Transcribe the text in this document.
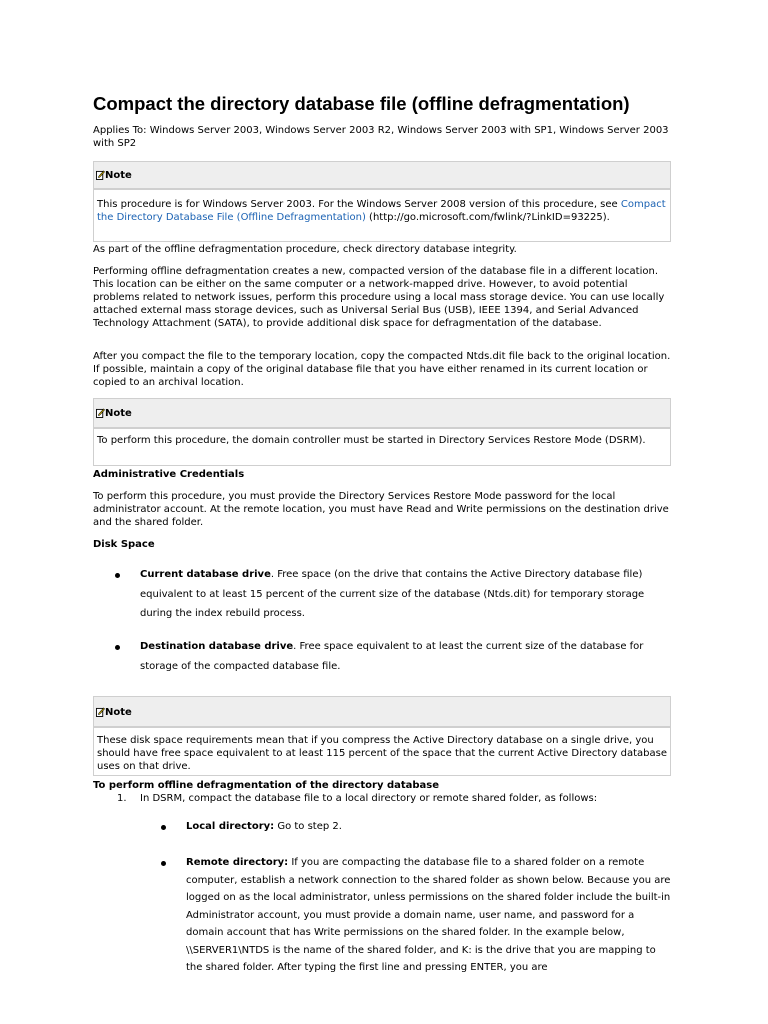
Compact the directory database file (offline defragmentation)

Applies To: Windows Server 2003, Windows Server 2003 R2, Windows Server 2003 with SP1, Windows Server 2003 with SP2

Note
This procedure is for Windows Server 2003. For the Windows Server 2008 version of this procedure, see Compact the Directory Database File (Offline Defragmentation) (http://go.microsoft.com/fwlink/?LinkID=93225).

As part of the offline defragmentation procedure, check directory database integrity.

Performing offline defragmentation creates a new, compacted version of the database file in a different location. This location can be either on the same computer or a network-mapped drive. However, to avoid potential problems related to network issues, perform this procedure using a local mass storage device. You can use locally attached external mass storage devices, such as Universal Serial Bus (USB), IEEE 1394, and Serial Advanced Technology Attachment (SATA), to provide additional disk space for defragmentation of the database.

After you compact the file to the temporary location, copy the compacted Ntds.dit file back to the original location. If possible, maintain a copy of the original database file that you have either renamed in its current location or copied to an archival location.

Note
To perform this procedure, the domain controller must be started in Directory Services Restore Mode (DSRM).

Administrative Credentials

To perform this procedure, you must provide the Directory Services Restore Mode password for the local administrator account. At the remote location, you must have Read and Write permissions on the destination drive and the shared folder.

Disk Space

Current database drive. Free space (on the drive that contains the Active Directory database file) equivalent to at least 15 percent of the current size of the database (Ntds.dit) for temporary storage during the index rebuild process.

Destination database drive. Free space equivalent to at least the current size of the database for storage of the compacted database file.

Note
These disk space requirements mean that if you compress the Active Directory database on a single drive, you should have free space equivalent to at least 115 percent of the space that the current Active Directory database uses on that drive.

To perform offline defragmentation of the directory database

1. In DSRM, compact the database file to a local directory or remote shared folder, as follows:

Local directory: Go to step 2.

Remote directory: If you are compacting the database file to a shared folder on a remote computer, establish a network connection to the shared folder as shown below. Because you are logged on as the local administrator, unless permissions on the shared folder include the built-in Administrator account, you must provide a domain name, user name, and password for a domain account that has Write permissions on the shared folder. In the example below, \\SERVER1\NTDS is the name of the shared folder, and K: is the drive that you are mapping to the shared folder. After typing the first line and pressing ENTER, you are
